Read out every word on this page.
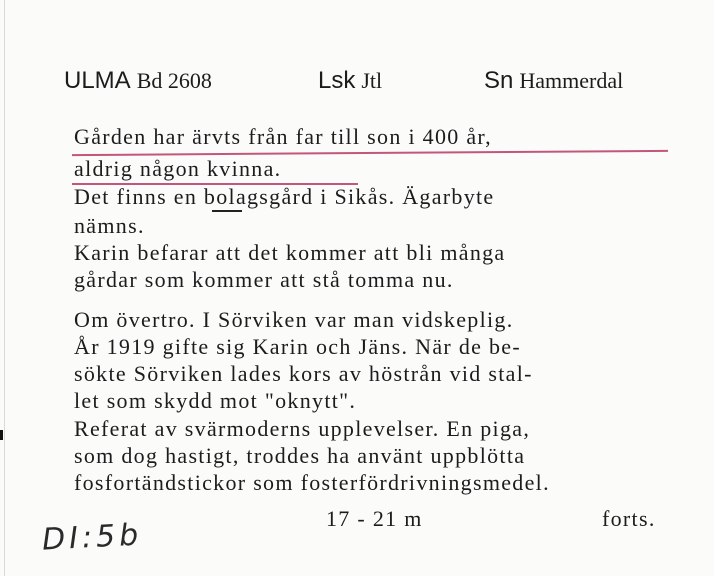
ULMA Bd 2608	Lsk Jtl	Sn Hammerdal
Gården har ärvts från far till son i 400 år,
aldrig någon kvinna.
Det finns en bolagsgård i Sikås. Ägarbyte
nämns.
Karin befarar att det kommer att bli många
gårdar som kommer att stå tomma nu.
Om övertro. I Sörviken var man vidskeplig.
År 1919 gifte sig Karin och Jäns. När de be-
sökte Sörviken lades kors av höstrån vid stal-
let som skydd mot "oknytt".
Referat av svärmoderns upplevelser. En piga,
som dog hastigt, troddes ha använt uppblötta
fosfortändstickor som fosterfördrivningsmedel.
17 - 21 m	forts.
DI:5b
